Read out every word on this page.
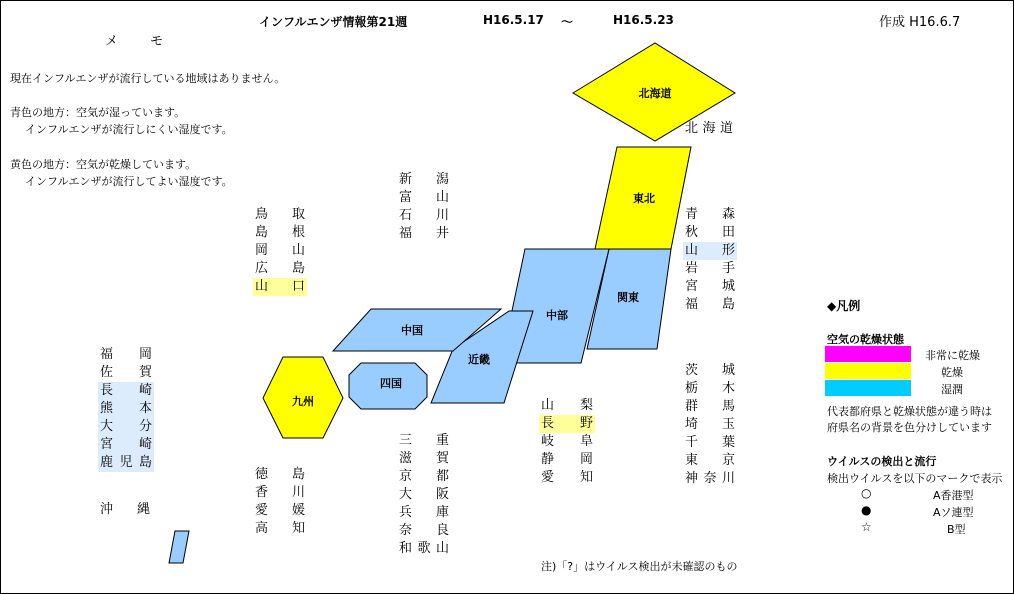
インフルエンザ情報第21週	H16.5.17 ～	H16.5.23	作成 H16.6.7
メ モ
現在インフルエンザが流行している地域はありません。
青色の地方：空気が湿っています。
インフルエンザが流行しにくい湿度です。
黄色の地方：空気が乾燥しています。
インフルエンザが流行してよい湿度です。
北海道
東北
関東
中部
近畿
中国
四国
九州
北 海 道
青 森
秋 田
山 形
岩 手
宮 城
福 島
新 潟
富 山
石 川
福 井
鳥 取
島 根
岡 山
広 島
山 口
福 岡
佐 賀
長 崎
熊 本
大 分
宮 崎
鹿 児 島
沖 縄
徳 島
香 川
愛 媛
高 知
三 重
滋 賀
京 都
大 阪
兵 庫
奈 良
和 歌 山
山 梨
長 野
岐 阜
静 岡
愛 知
茨 城
栃 木
群 馬
埼 玉
千 葉
東 京
神 奈 川
◆凡例
空気の乾燥状態
非常に乾燥
乾燥
湿潤
代表都府県と乾燥状態が違う時は
府県名の背景を色分けしています
ウイルスの検出と流行
検出ウイルスを以下のマークで表示
○	A香港型
●	Aソ連型
☆	B型
注)「?」はウイルス検出が未確認のもの
